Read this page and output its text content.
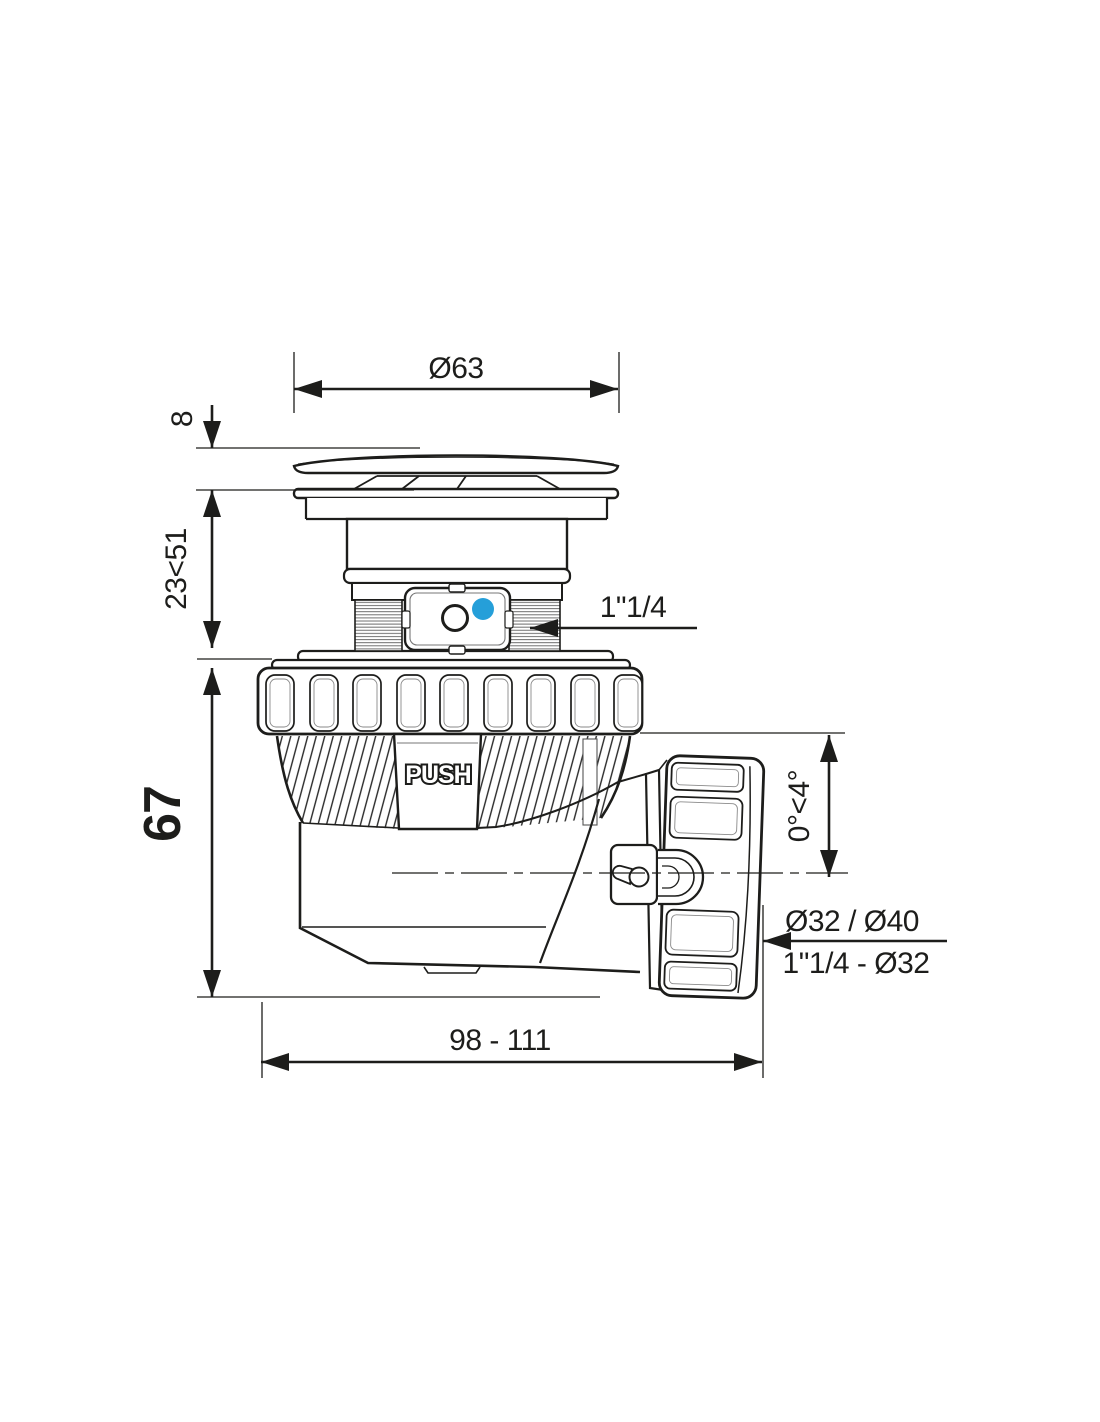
PUSH
Ø63
8
23<51
67
1"1/4
0°<4°
Ø32 / Ø40
1"1/4 - Ø32
98 - 111
